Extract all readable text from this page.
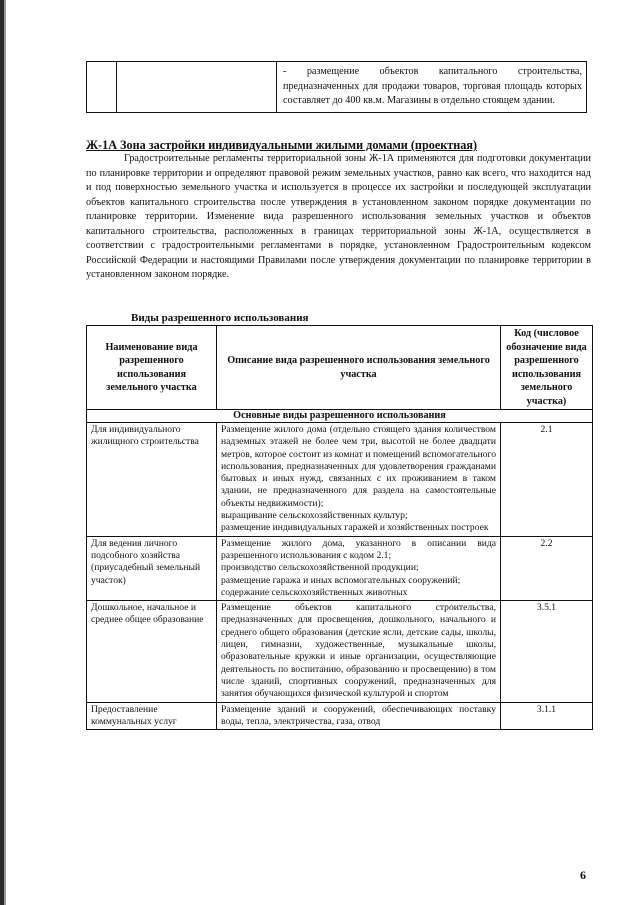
		- размещение объектов капитального строительства, предназначенных для продажи товаров, торговая площадь которых составляет до 400 кв.м. Магазины в отдельно стоящем здании.

Ж-1А Зона застройки индивидуальными жилыми домами (проектная)

Градостроительные регламенты территориальной зоны Ж-1А применяются для подготовки документации по планировке территории и определяют правовой режим земельных участков, равно как всего, что находится над и под поверхностью земельного участка и используется в процессе их застройки и последующей эксплуатации объектов капитального строительства после утверждения в установленном законом порядке документации по планировке территории. Изменение вида разрешенного использования земельных участков и объектов капитального строительства, расположенных в границах территориальной зоны Ж-1А, осуществляется в соответствии с градостроительными регламентами в порядке, установленном Градостроительным кодексом Российской Федерации и настоящими Правилами после утверждения документации по планировке территории в установленном законом порядке.

Виды разрешенного использования

Наименование вида разрешенного использования земельного участка	Описание вида разрешенного использования земельного участка	Код (числовое обозначение вида разрешенного использования земельного участка)
Основные виды разрешенного использования		
Для индивидуального жилищного строительства	Размещение жилого дома (отдельно стоящего здания количеством надземных этажей не более чем три, высотой не более двадцати метров, которое состоит из комнат и помещений вспомогательного использования, предназначенных для удовлетворения гражданами бытовых и иных нужд, связанных с их проживанием в таком здании, не предназначенного для раздела на самостоятельные объекты недвижимости);
выращивание сельскохозяйственных культур;
размещение индивидуальных гаражей и хозяйственных построек	2.1
Для ведения личного подсобного хозяйства (приусадебный земельный участок)	Размещение жилого дома, указанного в описании вида разрешенного использования с кодом 2.1;
производство сельскохозяйственной продукции;
размещение гаража и иных вспомогательных сооружений;
содержание сельскохозяйственных животных	2.2
Дошкольное, начальное и среднее общее образование	Размещение объектов капитального строительства, предназначенных для просвещения, дошкольного, начального и среднего общего образования (детские ясли, детские сады, школы, лицеи, гимназии, художественные, музыкальные школы, образовательные кружки и иные организации, осуществляющие деятельность по воспитанию, образованию и просвещению) в том числе зданий, спортивных сооружений, предназначенных для занятия обучающихся физической культурой и спортом	3.5.1
Предоставление коммунальных услуг	Размещение зданий и сооружений, обеспечивающих поставку воды, тепла, электричества, газа, отвод	3.1.1

6
